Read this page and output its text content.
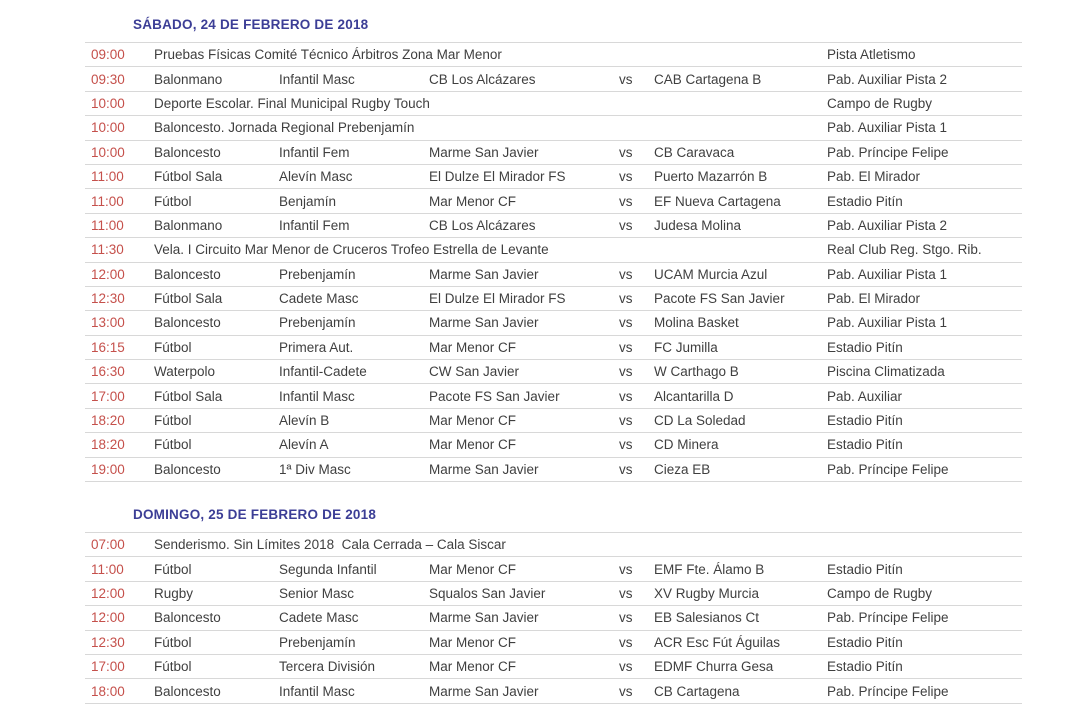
SÁBADO, 24 DE FEBRERO DE 2018
09:00	Pruebas Físicas Comité Técnico Árbitros Zona Mar Menor	Pista Atletismo
09:30	Balonmano	Infantil Masc	CB Los Alcázares	vs	CAB Cartagena B	Pab. Auxiliar Pista 2
10:00	Deporte Escolar. Final Municipal Rugby Touch	Campo de Rugby
10:00	Baloncesto. Jornada Regional Prebenjamín	Pab. Auxiliar Pista 1
10:00	Baloncesto	Infantil Fem	Marme San Javier	vs	CB Caravaca	Pab. Príncipe Felipe
11:00	Fútbol Sala	Alevín Masc	El Dulze El Mirador FS	vs	Puerto Mazarrón B	Pab. El Mirador
11:00	Fútbol	Benjamín	Mar Menor CF	vs	EF Nueva Cartagena	Estadio Pitín
11:00	Balonmano	Infantil Fem	CB Los Alcázares	vs	Judesa Molina	Pab. Auxiliar Pista 2
11:30	Vela. I Circuito Mar Menor de Cruceros Trofeo Estrella de Levante	Real Club Reg. Stgo. Rib.
12:00	Baloncesto	Prebenjamín	Marme San Javier	vs	UCAM Murcia Azul	Pab. Auxiliar Pista 1
12:30	Fútbol Sala	Cadete Masc	El Dulze El Mirador FS	vs	Pacote FS San Javier	Pab. El Mirador
13:00	Baloncesto	Prebenjamín	Marme San Javier	vs	Molina Basket	Pab. Auxiliar Pista 1
16:15	Fútbol	Primera Aut.	Mar Menor CF	vs	FC Jumilla	Estadio Pitín
16:30	Waterpolo	Infantil-Cadete	CW San Javier	vs	W Carthago B	Piscina Climatizada
17:00	Fútbol Sala	Infantil Masc	Pacote FS San Javier	vs	Alcantarilla D	Pab. Auxiliar
18:20	Fútbol	Alevín B	Mar Menor CF	vs	CD La Soledad	Estadio Pitín
18:20	Fútbol	Alevín A	Mar Menor CF	vs	CD Minera	Estadio Pitín
19:00	Baloncesto	1ª Div Masc	Marme San Javier	vs	Cieza EB	Pab. Príncipe Felipe
DOMINGO, 25 DE FEBRERO DE 2018
07:00	Senderismo. Sin Límites 2018  Cala Cerrada – Cala Siscar
11:00	Fútbol	Segunda Infantil	Mar Menor CF	vs	EMF Fte. Álamo B	Estadio Pitín
12:00	Rugby	Senior Masc	Squalos San Javier	vs	XV Rugby Murcia	Campo de Rugby
12:00	Baloncesto	Cadete Masc	Marme San Javier	vs	EB Salesianos Ct	Pab. Príncipe Felipe
12:30	Fútbol	Prebenjamín	Mar Menor CF	vs	ACR Esc Fút Águilas	Estadio Pitín
17:00	Fútbol	Tercera División	Mar Menor CF	vs	EDMF Churra Gesa	Estadio Pitín
18:00	Baloncesto	Infantil Masc	Marme San Javier	vs	CB Cartagena	Pab. Príncipe Felipe
